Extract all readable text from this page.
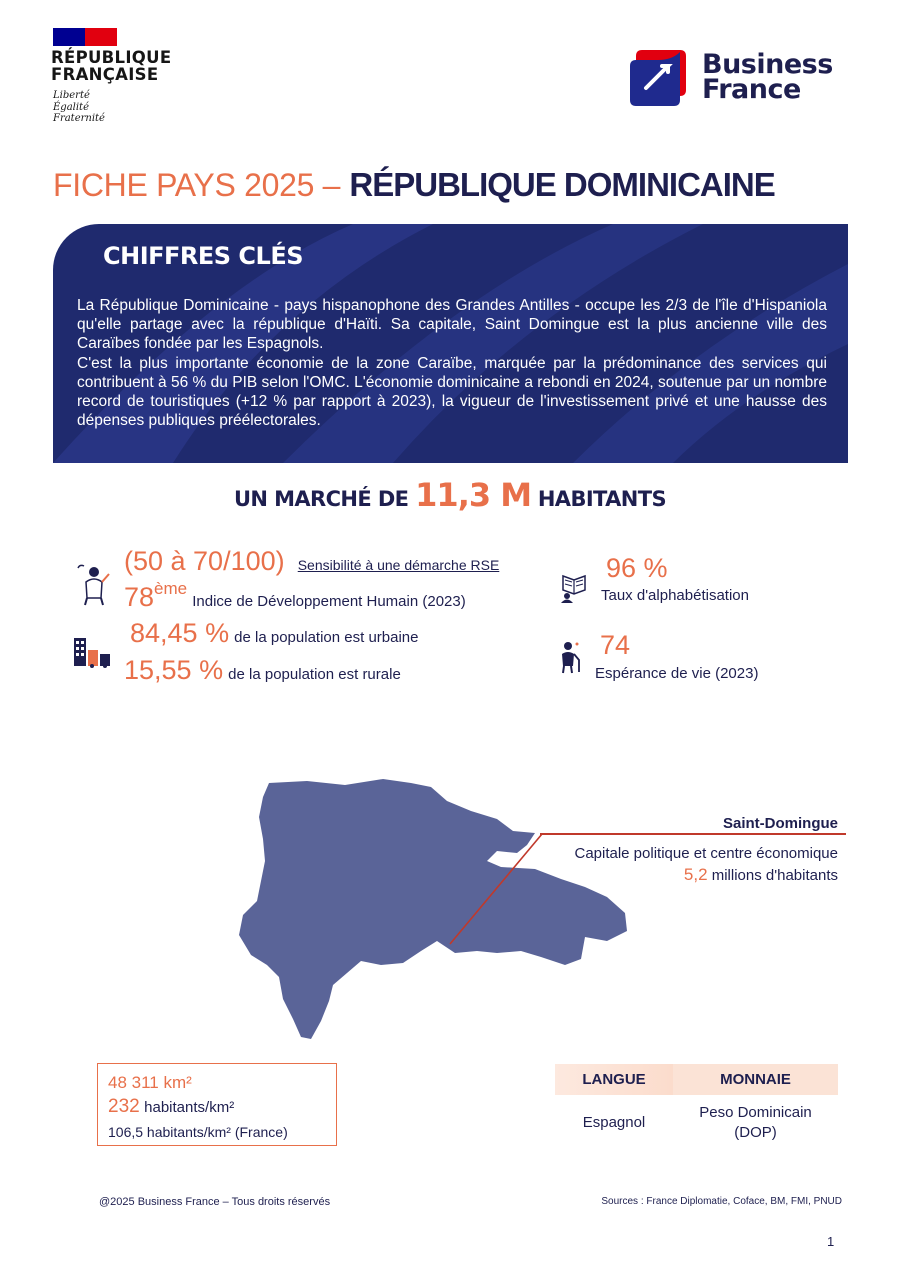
RÉPUBLIQUE
FRANÇAISE
Liberté
Égalité
Fraternité
Business
France
FICHE PAYS 2025 – RÉPUBLIQUE DOMINICAINE
CHIFFRES CLÉS

La République Dominicaine - pays hispanophone des Grandes Antilles - occupe les 2/3 de l'île d'Hispaniola qu'elle partage avec la république d'Haïti. Sa capitale, Saint Domingue est la plus ancienne ville des Caraïbes fondée par les Espagnols.

C'est la plus importante économie de la zone Caraïbe, marquée par la prédominance des services qui contribuent à 56 % du PIB selon l'OMC. L'économie dominicaine a rebondi en 2024, soutenue par un nombre record de touristiques (+12 % par rapport à 2023), la vigueur de l'investissement privé et une hausse des dépenses publiques préélectorales.

UN MARCHÉ DE 11,3 M HABITANTS
(50 à 70/100) Sensibilité à une démarche RSE
78ème Indice de Développement Humain (2023)
84,45 % de la population est urbaine
15,55 % de la population est rurale
96 %
Taux d'alphabétisation
74
Espérance de vie (2023)
Saint-Domingue
Capitale politique et centre économique
5,2 millions d'habitants
48 311 km²
232 habitants/km²
106,5 habitants/km² (France)
LANGUE	MONNAIE
Espagnol	Peso Dominicain
(DOP)
@2025 Business France – Tous droits réservés	Sources : France Diplomatie, Coface, BM, FMI, PNUD
1
